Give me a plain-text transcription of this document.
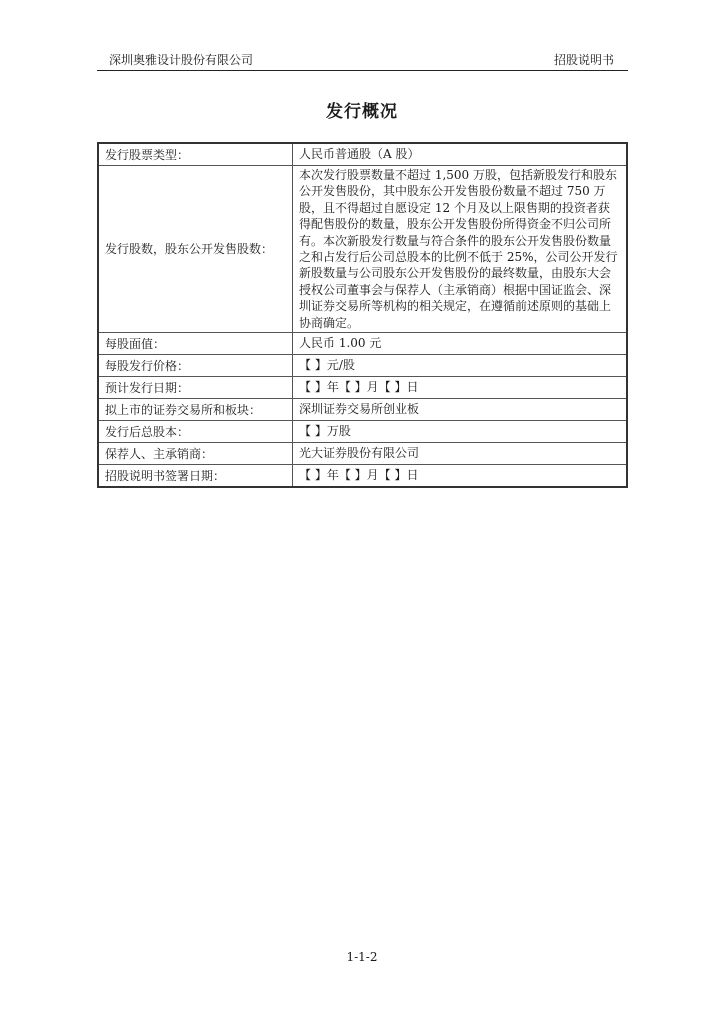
深圳奥雅设计股份有限公司	招股说明书
发行概况
发行股票类型：	人民币普通股（A 股）
发行股数，股东公开发售股数：	本次发行股票数量不超过 1,500 万股，包括新股发行和股东公开发售股份，其中股东公开发售股份数量不超过 750 万股，且不得超过自愿设定 12 个月及以上限售期的投资者获得配售股份的数量，股东公开发售股份所得资金不归公司所有。本次新股发行数量与符合条件的股东公开发售股份数量之和占发行后公司总股本的比例不低于 25%，公司公开发行新股数量与公司股东公开发售股份的最终数量，由股东大会授权公司董事会与保荐人（主承销商）根据中国证监会、深圳证券交易所等机构的相关规定，在遵循前述原则的基础上协商确定。
每股面值：	人民币 1.00 元
每股发行价格：	【 】元/股
预计发行日期：	【 】年【 】月【 】日
拟上市的证券交易所和板块：	深圳证券交易所创业板
发行后总股本：	【 】万股
保荐人、主承销商：	光大证券股份有限公司
招股说明书签署日期：	【 】年【 】月【 】日
1-1-2
